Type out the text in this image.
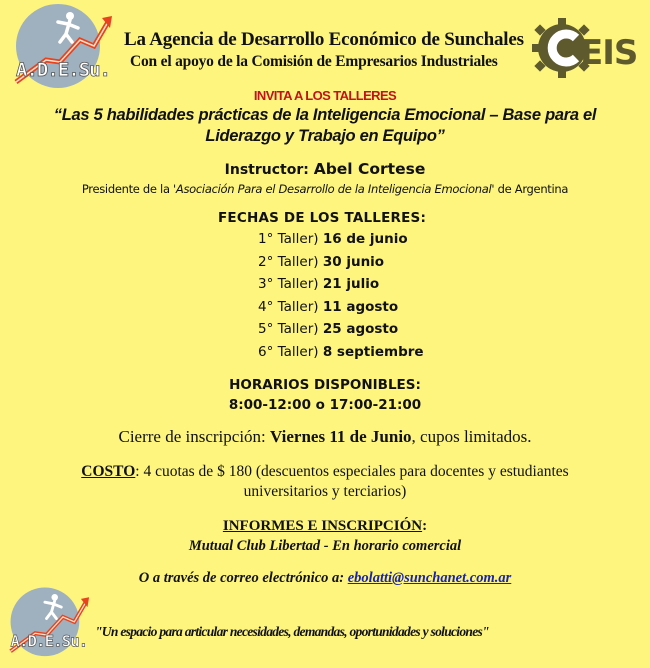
A.D.E.Su.
La Agencia de Desarrollo Económico de Sunchales
Con el apoyo de la Comisión de Empresarios Industriales EIS
INVITA A LOS TALLERES
“Las 5 habilidades prácticas de la Inteligencia Emocional – Base para el
Liderazgo y Trabajo en Equipo”
Instructor: Abel Cortese
Presidente de la 'Asociación Para el Desarrollo de la Inteligencia Emocional' de Argentina
FECHAS DE LOS TALLERES:
1° Taller) 16 de junio
2° Taller) 30 junio
3° Taller) 21 julio
4° Taller) 11 agosto
5° Taller) 25 agosto
6° Taller) 8 septiembre
HORARIOS DISPONIBLES:
8:00-12:00 o 17:00-21:00
Cierre de inscripción: Viernes 11 de Junio, cupos limitados.
COSTO: 4 cuotas de $ 180 (descuentos especiales para docentes y estudiantes
universitarios y terciarios)
INFORMES E INSCRIPCIÓN:
Mutual Club Libertad - En horario comercial
O a través de correo electrónico a: ebolatti@sunchanet.com.ar
A.D.E.Su.
"Un espacio para articular necesidades, demandas, oportunidades y soluciones"
